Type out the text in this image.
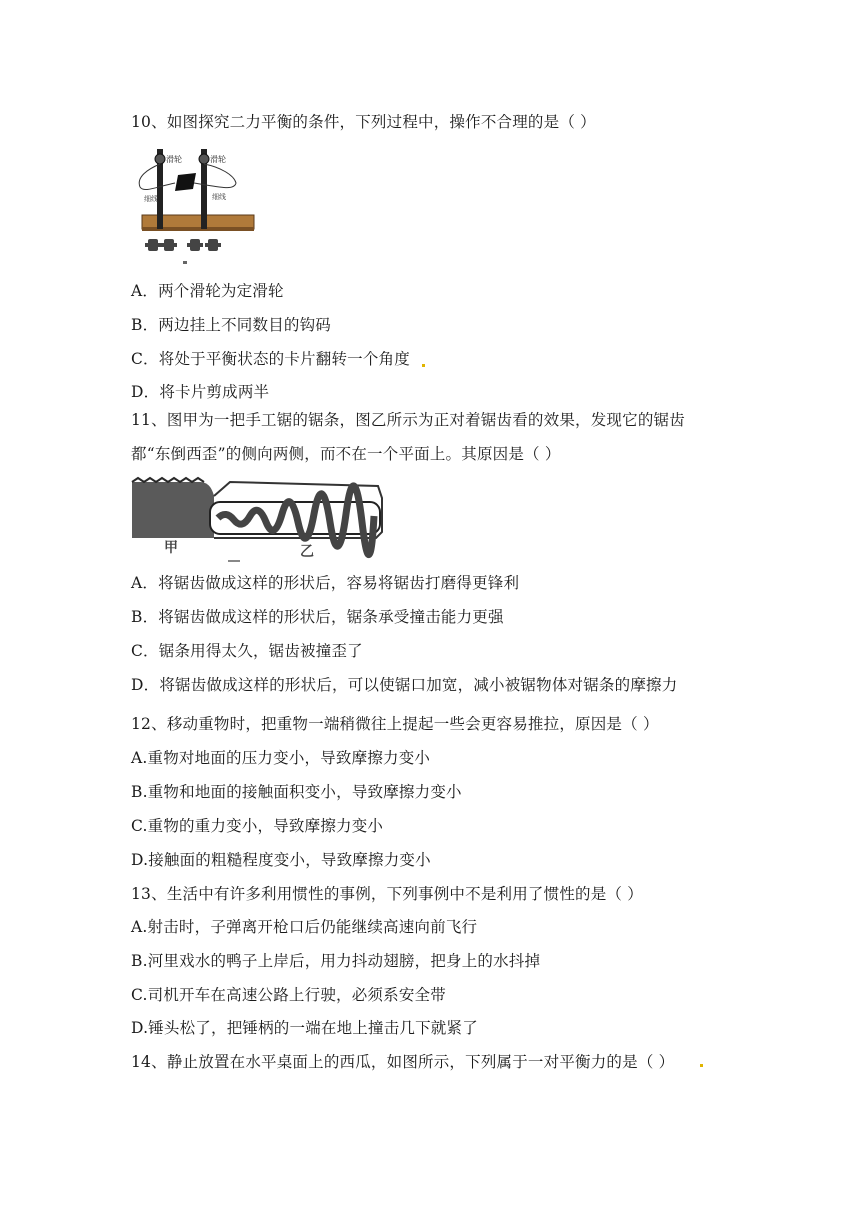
10、如图探究二力平衡的条件，下列过程中，操作不合理的是（ ）
滑轮	滑轮
细线	细线
A．两个滑轮为定滑轮
B．两边挂上不同数目的钩码
C．将处于平衡状态的卡片翻转一个角度
D．将卡片剪成两半
11、图甲为一把手工锯的锯条，图乙所示为正对着锯齿看的效果，发现它的锯齿
都“东倒西歪”的侧向两侧，而不在一个平面上。其原因是（ ）
甲	乙
A．将锯齿做成这样的形状后，容易将锯齿打磨得更锋利
B．将锯齿做成这样的形状后，锯条承受撞击能力更强
C．锯条用得太久，锯齿被撞歪了
D．将锯齿做成这样的形状后，可以使锯口加宽，减小被锯物体对锯条的摩擦力
12、移动重物时，把重物一端稍微往上提起一些会更容易推拉，原因是（ ）
A.重物对地面的压力变小，导致摩擦力变小
B.重物和地面的接触面积变小，导致摩擦力变小
C.重物的重力变小，导致摩擦力变小
D.接触面的粗糙程度变小，导致摩擦力变小
13、生活中有许多利用惯性的事例，下列事例中不是利用了惯性的是（ ）
A.射击时，子弹离开枪口后仍能继续高速向前飞行
B.河里戏水的鸭子上岸后，用力抖动翅膀，把身上的水抖掉
C.司机开车在高速公路上行驶，必须系安全带
D.锤头松了，把锤柄的一端在地上撞击几下就紧了
14、静止放置在水平桌面上的西瓜，如图所示，下列属于一对平衡力的是（ ）
